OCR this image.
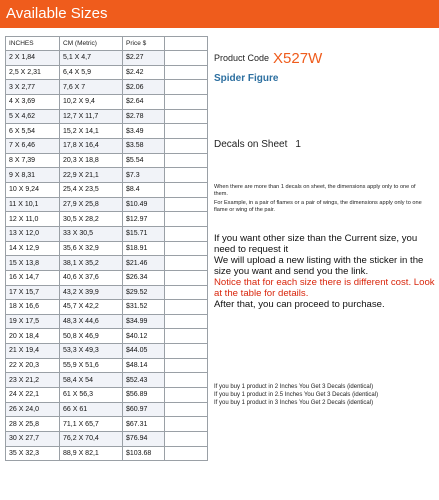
Available Sizes
INCHES	CM (Metric)	Price $	
2 X 1,84	5,1 X 4,7	$2.27	
2,5 X 2,31	6,4 X 5,9	$2.42	
3 X 2,77	7,6 X 7	$2.06	
4 X 3,69	10,2 X 9,4	$2.64	
5 X 4,62	12,7 X 11,7	$2.78	
6 X 5,54	15,2 X 14,1	$3.49	
7 X 6,46	17,8 X 16,4	$3.58	
8 X 7,39	20,3 X 18,8	$5.54	
9 X 8,31	22,9 X 21,1	$7.3	
10 X 9,24	25,4 X 23,5	$8.4	
11 X 10,1	27,9 X 25,8	$10.49	
12 X 11,0	30,5 X 28,2	$12.97	
13 X 12,0	33 X 30,5	$15.71	
14 X 12,9	35,6 X 32,9	$18.91	
15 X 13,8	38,1 X 35,2	$21.46	
16 X 14,7	40,6 X 37,6	$26.34	
17 X 15,7	43,2 X 39,9	$29.52	
18 X 16,6	45,7 X 42,2	$31.52	
19 X 17,5	48,3 X 44,6	$34.99	
20 X 18,4	50,8 X 46,9	$40.12	
21 X 19,4	53,3 X 49,3	$44.05	
22 X 20,3	55,9 X 51,6	$48.14	
23 X 21,2	58,4 X 54	$52.43	
24 X 22,1	61 X 56,3	$56.89	
26 X 24,0	66 X 61	$60.97	
28 X 25,8	71,1 X 65,7	$67.31	
30 X 27,7	76,2 X 70,4	$76.94	
35 X 32,3	88,9 X 82,1	$103.68	
Product Code X527W
Spider Figure
Decals on Sheet 1

When there are more than 1 decals on sheet, the dimensions apply only to one of them.

For Example, in a pair of flames or a pair of wings, the dimensions apply only to one flame or wing of the pair.

If you want other size than the Current size, you need to request it

We will upload a new listing with the sticker in the size you want and send you the link.

Notice that for each size there is different cost. Look at the table for details.

After that, you can proceed to purchase.

If you buy 1 product in 2 Inches You Get 3 Decals (identical)

If you buy 1 product in 2.5 Inches You Get 3 Decals (identical)

If you buy 1 product in 3 Inches You Get 2 Decals (identical)
